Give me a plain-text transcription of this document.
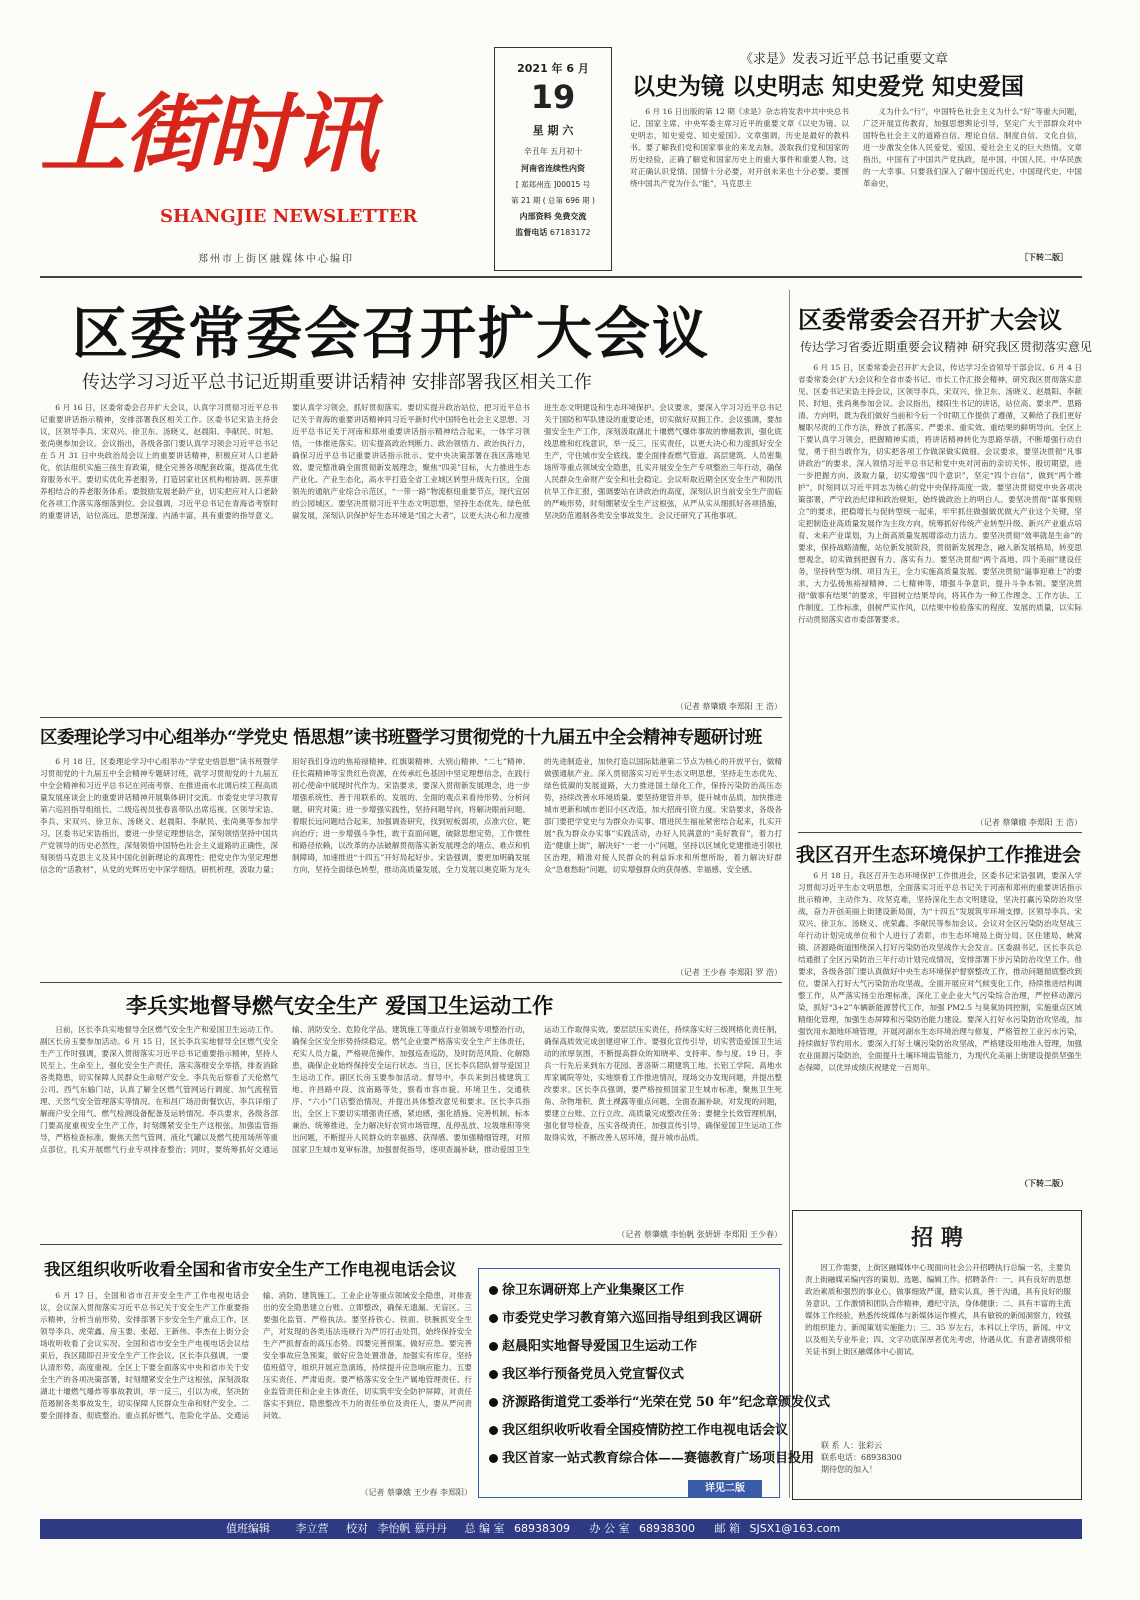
上街时讯
SHANGJIE NEWSLETTER
郑州市上街区融媒体中心编印
2021 年 6 月
19
星 期 六
辛丑年 五月初十
河南省连续性内资
[ 郑郑州连 ]00015 号
第 21 期 ( 总第 696 期 )
内部资料 免费交流
监督电话 67183172
《求是》发表习近平总书记重要文章
以史为镜 以史明志 知史爱党 知史爱国

6 月 16 日出版的第 12 期《求是》杂志将发表中共中央总书记、国家主席、中央军委主席习近平的重要文章《以史为镜、以史明志，知史爱党、知史爱国》。文章强调，历史是最好的教科书。要了解我们党和国家事业的来龙去脉，汲取我们党和国家的历史经验，正确了解党和国家历史上的重大事件和重要人物。这对正确认识党情、国情十分必要，对开创未来也十分必要。要围绕中国共产党为什么“能”，马克思主

义为什么“行”，中国特色社会主义为什么“好”等重大问题，广泛开展宣传教育，加强思想舆论引导，坚定广大干部群众对中国特色社会主义的道路自信、理论自信、制度自信、文化自信，进一步激发全体人民爱党、爱国、爱社会主义的巨大热情。文章指出，中国有了中国共产党执政，是中国、中国人民、中华民族的一大幸事。只要我们深入了解中国近代史、中国现代史、中国革命史，

［下转二版］
区委常委会召开扩大会议
传达学习习近平总书记近期重要讲话精神 安排部署我区相关工作

6 月 16 日，区委常委会召开扩大会议，认真学习贯彻习近平总书记重要讲话指示精神，安排部署我区相关工作。区委书记宋诰主持会议，区领导李兵、宋双兴、徐卫东、汤晓义、赵晨阳、李献民、时旭、张尚奥参加会议。会议指出，各级各部门要认真学习领会习近平总书记在 5 月 31 日中央政治局会议上的重要讲话精神，积极应对人口老龄化，依法组织实施三孩生育政策，健全完善各项配套政策，提高优生优育服务水平。要切实优化养老服务，打造居家社区机构相协调、医养康养相结合的养老服务体系。要鼓励发展老龄产业，切实把应对人口老龄化各项工作落实落细落到位。会议强调，习近平总书记在青海省考察时的重要讲话，站位高远、思想深邃、内涵丰富，具有重要的指导意义。要认真学习领会，抓好贯彻落实。要切实提升政治站位，把习近平总书记关于青海的重要讲话精神同习近平新时代中国特色社会主义思想、习近平总书记关于河南和郑州重要讲话指示精神结合起来，一体学习领悟，一体推进落实。切实提高政治判断力、政治领悟力、政治执行力，确保习近平总书记重要讲话指示批示、党中央决策部署在我区落地见效。要完整准确全面贯彻新发展理念，聚焦“四美”目标，大力推进生态产业化、产业生态化，高水平打造全省工业城区转型升级先行区，全面领先的通航产业综合示范区，“一带一路”物流枢纽重要节点，现代宜居的公园城区。要坚决贯彻习近平生态文明思想，坚持生态优先、绿色低碳发展，深刻认识保护好生态环境是“国之大者”，以更大决心和力度推进生态文明建设和生态环境保护。会议要求，要深入学习习近平总书记关于国防和军队建设的重要论述，切实做好双拥工作。会议强调，要加强安全生产工作，深刻汲取湖北十堰燃气爆炸事故的惨痛教训，强化底线思维和红线意识，举一反三，压实责任，以更大决心和力度抓好安全生产，守住城市安全底线。要全面排查燃气管道、高层建筑、人员密集场所等重点领域安全隐患，扎实开展安全生产专项整治三年行动，确保人民群众生命财产安全和社会稳定。会议听取近期全区安全生产和防汛抗旱工作汇报，强调要站在讲政治的高度，深刻认识当前安全生产面临的严峻形势，时刻绷紧安全生产这根弦，从严从实从细抓好各项措施，坚决防范遏制各类安全事故发生。会议还研究了其他事项。

（记者 蔡肇娥 李郑阳 王 浩）
区委常委会召开扩大会议
传达学习省委近期重要会议精神 研究我区贯彻落实意见

6 月 15 日，区委常委会召开扩大会议，传达学习全省领导干部会议、6 月 4 日省委常委会(扩大)会议和全省市委书记、市长工作汇报会精神，研究我区贯彻落实意见。区委书记宋诰主持会议，区领导李兵、宋双兴、徐卫东、汤晓义、赵晨阳、李献民、时旭、张尚奥参加会议。会议指出，楼阳生书记的讲话，站位高、要求严、思路清、方向明，既为我们做好当前和今后一个时期工作提供了遵循，又赖给了我们更好履职尽责的工作方法，释放了抓落实、严要求、重实效、重结果的鲜明导向。全区上下要认真学习领会，把握精神实质，将讲话精神转化为思路举措，不断增强行动自觉，勇于担当敢作为，切实把各项工作做深做实做细。会议要求，要坚决贯彻“凡事讲政治”的要求，深入领悟习近平总书记和党中央对河南的亲切关怀、殷切期望，进一步把握方向、汲取力量，切实增强“四个意识”，坚定“四个自信”，做到“两个维护”，时刻同以习近平同志为核心的党中央保持高度一致。要坚决贯彻党中央各项决策部署，严守政治纪律和政治规矩，始终做政治上的明白人。要坚决贯彻“谋事预则立”的要求，把稳增长与促转型统一起来，牢牢抓住做强做优做大产业这个关键，坚定把制造业高质量发展作为主攻方向，统筹抓好传统产业转型升级、新兴产业重点培育、未来产业谋划，为上街高质量发展增添动力活力。要坚决贯彻“效率就是生命”的要求，保持战略清醒，站位新发展阶段，贯彻新发展理念，融入新发展格局，转变思想观念，切实做到把握有力、落实有力。要坚决贯彻“两个高地、四个美丽”建设任务，坚持转型为纲、项目为王，全力实施高质量发展。要坚决贯彻“逼事迎难上”的要求，大力弘扬焦裕禄精神、二七精神等，增强斗争意识，提升斗争本领。要坚决贯彻“做事有结果”的要求，牢固树立结果导向，将其作为一种工作理念、工作方法、工作制度、工作标准，倡树严实作风，以结果中检验落实的程度、发展的质量，以实际行动贯彻落实省市委部署要求。

（记者 蔡肇娥 李郑阳 王 浩）
我区召开生态环境保护工作推进会

6 月 18 日，我区召开生态环境保护工作推进会，区委书记宋诰强调，要深入学习贯彻习近平生态文明思想，全面落实习近平总书记关于河南和郑州的重要讲话指示批示精神，主动作为、攻坚克难，坚持深化生态文明建设，坚决打赢污染防治攻坚战，奋力开创美丽上街建设新局面，为“十四五”发展筑牢环境支撑。区领导李兵、宋双兴、徐卫东、汤晓义、虎荣鑫、李献民等参加会议。会议对全区污染防治攻坚战三年行动计划完成单位和个人进行了表彰，市生态环境局上街分局、区住建局、峡窝镇、济源路街道围绕深入打好污染防治攻坚战作大会发言。区委副书记、区长李兵总结通报了全区污染防治三年行动计划完成情况，安排部署下步污染防治攻坚工作。他要求，各级各部门要认真做好中央生态环境保护督察整改工作，推动问题彻底整改到位。要深入打好大气污染防治攻坚战，全面开展应对气候变化工作，持续推进结构调整工作，从严落实扬尘治理标准，深化工业企业大气污染综合治理，严控移动源污染，抓好“3+2”车辆新能源替代工作，加强 PM2.5 与臭氧协同控制，实施重点区域精细化管理，加强生态屏障和污染防治能力建设。要深入打好水污染防治攻坚战，加强饮用水源地环境管理，开展河湖水生态环境治理与修复，严格管控工业污水污染，持续做好节约用水。要深入打好土壤污染防治攻坚战，严格建设用地准入管理，加强农业面源污染防治，全面提升土壤环境监管能力，为现代化美丽上街建设提供坚强生态保障，以优异成绩庆祝建党一百周年。

（下转二版）
招 聘

因工作需要，上街区融媒体中心现面向社会公开招聘执行总编一名，主要负责上街融媒采编内容的策划、选题、编辑工作。招聘条件：一、具有良好的思想政治素质和强烈的事业心，做事细致严谨，踏实认真，善于沟通，具有良好的服务意识、工作激情和团队合作精神，遵纪守法，身体健康；二、具有丰富的主流媒体工作经验，熟悉传统媒体与新媒体运作模式，具有敏锐的新闻洞察力，较强的组织能力、新闻策划实施能力；三、35 岁左右，本科以上学历，新闻、中文以及相关专业毕业；四、文字功底深厚者优先考虑，待遇从优。有意者请携带相关证书到上街区融媒体中心面试。

联 系 人：张彩云
联系电话：68938300
期待您的加入！
区委理论学习中心组举办“学党史 悟思想”读书班暨学习贯彻党的十九届五中全会精神专题研讨班

6 月 18 日，区委理论学习中心组举办“学党史悟思想”读书班暨学习贯彻党的十九届五中全会精神专题研讨班，就学习贯彻党的十九届五中全会精神和习近平总书记在河南考察、在推进南水北调后续工程高质量发展座谈会上的重要讲话精神开展集体研讨交流。市委党史学习教育第六巡回指导组组长、二级巡视员张春喜带队出席巡视。区领导宋诰、李兵、宋双兴、徐卫东、汤晓义、赵晨阳、李献民、张尚奥等参加学习。区委书记宋诰指出，要进一步坚定理想信念，深刻领悟坚持中国共产党领导的历史必然性，深刻领悟中国特色社会主义道路的正确性，深刻领悟马克思主义及其中国化创新理论的真理性；把党史作为坚定理想信念的“活教材”，从党的光辉历史中深学细悟，研机析理，汲取力量；用好我们身边的焦裕禄精神、红旗渠精神、大别山精神、“二七”精神、任长霞精神等宝贵红色资源，在传承红色基因中坚定理想信念，在践行初心使命中展现时代作为。宋诰要求，要深入贯彻新发展理念，进一步增强系统性、善于用联系的、发展的、全面的观点来看待形势、分析问题、研究对策；进一步增强实践性，坚持问题导向，将解决眼前问题、着眼长远问题结合起来，加强调查研究，找到短板弱项，点准穴位、靶向治疗；进一步增强斗争性，敢于直面问题，破除思想定势，工作惯性和路径依赖，以改革的办法破解贯彻落实新发展理念的堵点、难点和机制障碍，加速推进“十四五”开好局起好步。宋诰强调，要更加明确发展方向，坚持全面绿色转型，推动高质量发展，全力发展以奥克斯为龙头的先进制造业，加快打造以国际陆港第二节点为核心的开放平台，做精做强通航产业。深入贯彻落实习近平生态文明思想，坚持走生态优先、绿色低碳的发展道路，大力推进国土绿化工作，保持污染防治高压态势，持续改善水环境质量。要坚持建管并举，提升城市品质，加快推进城市更新和城市老旧小区改造，加大招商引资力度。宋诰要求，各级各部门要把学党史与为群众办实事、增进民生福祉紧密结合起来，扎实开展“我为群众办实事”实践活动，办好人民满意的“美好教育”，着力打造“健康上街”，解决好“一老一小”问题，坚持以区域化党建推进引领社区治理，精准对接人民群众的利益诉求和所想所盼，着力解决好群众“急难愁盼”问题，切实增强群众的获得感、幸福感、安全感。

（记者 王少春 李郑阳 罗 浩）
李兵实地督导燃气安全生产 爱国卫生运动工作

日前，区长李兵实地督导全区燃气安全生产和爱国卫生运动工作。副区长房玉要参加活动。6 月 15 日，区长李兵实地督导全区燃气安全生产工作时强调，要深入贯彻落实习近平总书记重要指示精神，坚持人民至上、生命至上，强化安全生产责任，落实落细安全举措，排查消除各类隐患，切实保障人民群众生命财产安全。李兵先后察看了天伦燃气公司、西气东输门站，认真了解全区燃气管网运行调度、加气流程管理、天然气安全管理落实等情况。在和昌广场沿街餐饮店，李兵详细了解商户安全用气、燃气检测设备配备及运转情况。李兵要求，各级各部门要高度重视安全生产工作，时刻绷紧安全生产这根弦，加强监管指导，严格检查标准，聚焦天然气管网、液化气罐以及燃气使用场所等重点部位，扎实开展燃气行业专项排查整治；同时，要统筹抓好交通运输、消防安全、危险化学品、建筑施工等重点行业领域专项整治行动，确保全区安全形势持续稳定。燃气企业要严格落实安全生产主体责任，充实人员力量，严格规范操作，加强巡查巡防，及时防范风险、化解隐患，确保企业始终保持安全运行状态。当日，区长李兵陪队督导爱国卫生运动工作。副区长房玉要参加活动。督导中，李兵来到吕楼建筑工地、许昌路中段、汝南路等处，察看市容市貌、环境卫生、交通秩序、“六小”门店整治情况，并提出具体整改意见和要求。区长李兵指出，全区上下要切实增强责任感，紧迫感，强化措施、完善机制、标本兼治、统筹推进，全力解决好农贸市场管理、乱停乱放、垃圾堆积等突出问题，不断提升人民群众的幸福感、获得感。要加强精细管理，对照国家卫生城市复审标准，加强督促指导，逐项查漏补缺，推动爱国卫生运动工作取得实效。要层层压实责任，持续落实好三级网格化责任制，确保高质效完成创建迎审工作。要强化宣传引导，切实营造爱国卫生运动的浓厚氛围，不断提高群众的知晓率、支持率、参与度。19 日，李兵一行先后来到东方花园、普洛斯二期建筑工地、长铝工学院、高地水库家属院等处，实地察看工作推进情况，现场交办发现问题，并提出整改要求。区长李兵强调，要严格按照国家卫生城市标准，聚焦卫生死角、杂物堆积、黄土裸露等重点问题，全面查漏补缺，对发现的问题，要建立台账、立行立改、高质量完成整改任务；要健全长效管理机制，强化督导检查，压实各级责任，加强宣传引导，确保爱国卫生运动工作取得实效，不断改善人居环境，提升城市品质。

（记者 蔡肇娥 李怡帆 张妍妍 李郑阳 王少春）
我区组织收听收看全国和省市安全生产工作电视电话会议

6 月 17 日，全国和省市召开安全生产工作电视电话会议，会议深入贯彻落实习近平总书记关于安全生产工作重要指示精神，分析当前形势，安排部署下步安全生产重点工作。区领导李兵、虎荣鑫、房玉要、张超、王新伟、李杰在上街分会场收听收看了会议实况。全国和省市安全生产电视电话会议结束后，我区随即召开安全生产工作会议。区长李兵强调，一要认清形势、高度重视。全区上下要全面落实中央和省市关于安全生产的各项决策部署，时刻绷紧安全生产这根弦，深刻汲取湖北十堰燃气爆炸等事故教训，举一反三，引以为戒，坚决防范遏制各类事故发生，切实保障人民群众生命和财产安全。二要全面排查、彻底整治。重点抓好燃气、危险化学品、交通运输、消防、建筑施工、工业企业等重点领域安全隐患，对排查出的安全隐患建立台账、立即整改，确保无遗漏、无盲区。三要强化监管、严格执法。要坚持铁心、铁面、铁腕抓安全生产，对发现的各类违法违规行为严厉打击处罚，始终保持安全生产严抓督查的高压态势。四要完善预案、做好应急。要完善安全事故应急预案，做好应急处置准备，加强实有库存，坚持值班值守，组织开展应急演练，持续提升应急响应能力。五要压实责任、严肃追责。要严格落实安全生产属地管理责任、行业监管责任和企业主体责任，切实筑牢安全防护屏障，对责任落实不到位、隐患整改不力的责任单位及责任人，要从严问责问效。

（记者 蔡肇娥 王少春 李郑阳）
徐卫东调研郑上产业集聚区工作
市委党史学习教育第六巡回指导组到我区调研
赵晨阳实地督导爱国卫生运动工作
我区举行预备党员入党宣誓仪式
济源路街道党工委举行“光荣在党 50 年”纪念章颁发仪式
我区组织收听收看全国疫情防控工作电视电话会议
我区首家一站式教育综合体——赛德教育广场项目投用
详见二版
值班编辑 李立营 校对 李怡帆 慕丹丹 总 编 室 68938309 办 公 室 68938300 邮 箱 SJSX1@163.com
